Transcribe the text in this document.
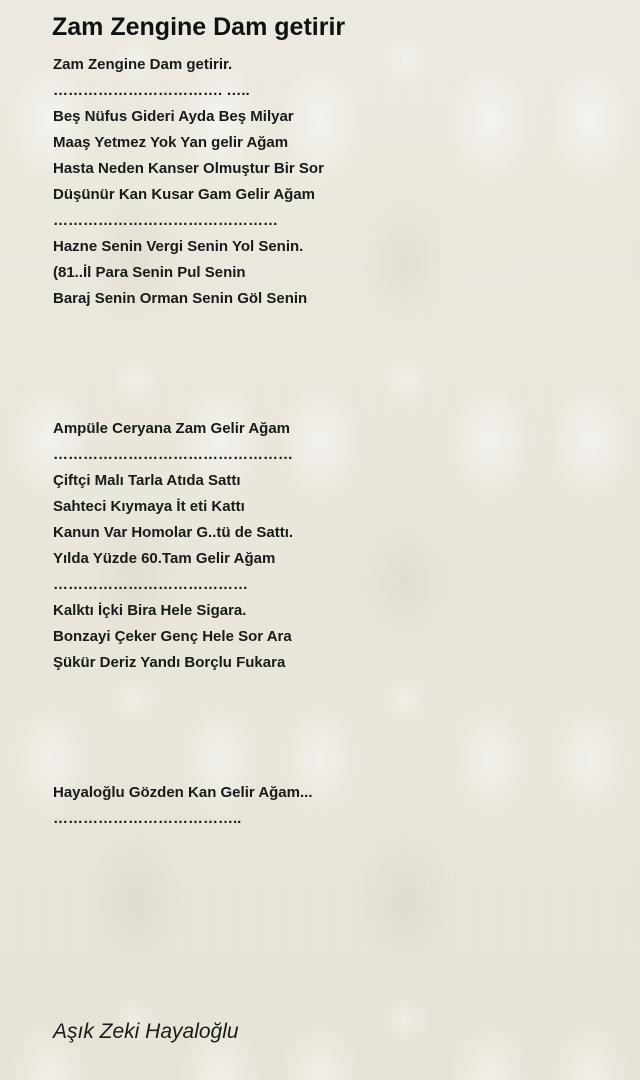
Zam Zengine Dam getirir
Zam Zengine Dam getirir.
……………………………. …..
Beş Nüfus Gideri Ayda Beş Milyar
Maaş Yetmez Yok Yan gelir Ağam
Hasta Neden Kanser Olmuştur Bir Sor
Düşünür Kan Kusar Gam Gelir Ağam
………………………………………
Hazne Senin Vergi Senin Yol Senin.
(81..İl Para Senin Pul Senin
Baraj Senin Orman Senin Göl Senin
Ampüle Ceryana Zam Gelir Ağam
…………………………………………
Çiftçi Malı Tarla Atıda Sattı
Sahteci Kıymaya İt eti Kattı
Kanun Var Homolar G..tü de Sattı.
Yılda Yüzde 60.Tam Gelir Ağam
…………………………………
Kalktı İçki Bira Hele Sigara.
Bonzayi Çeker Genç Hele Sor Ara
Şükür Deriz Yandı Borçlu Fukara
Hayaloğlu Gözden Kan Gelir Ağam...
………………………………..
Aşık Zeki Hayaloğlu
